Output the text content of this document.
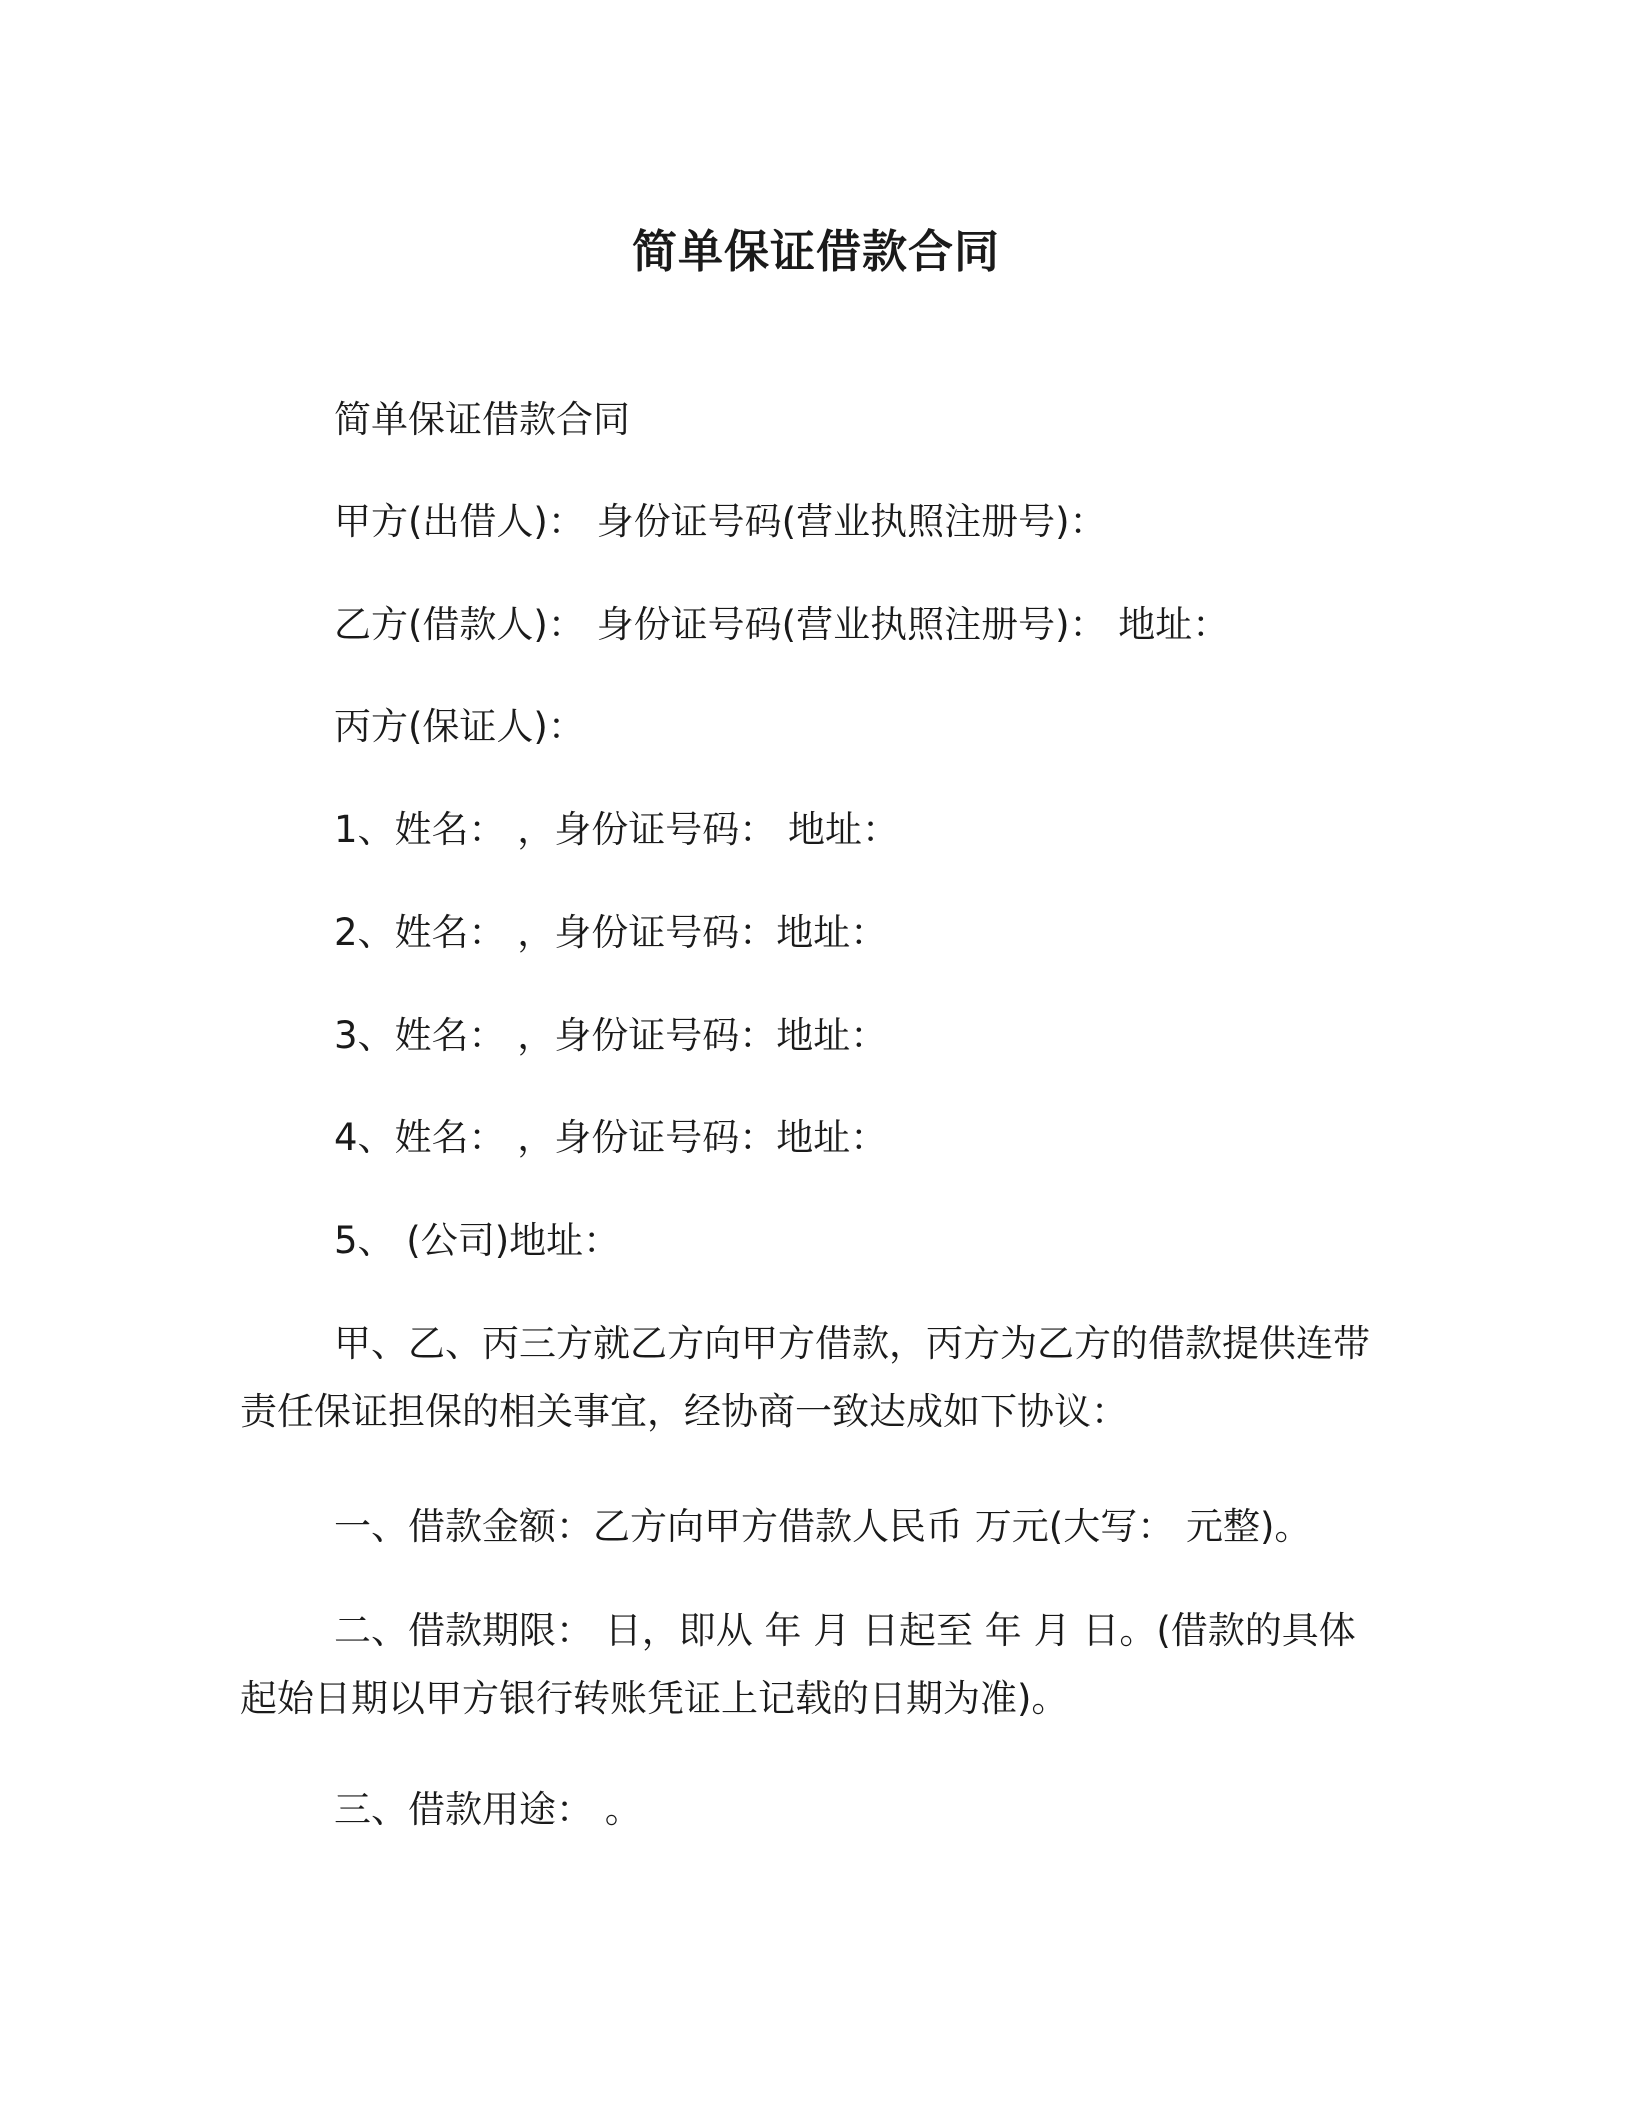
简单保证借款合同
简单保证借款合同
甲方(出借人)： 身份证号码(营业执照注册号)：
乙方(借款人)： 身份证号码(营业执照注册号)： 地址：
丙方(保证人)：
1、姓名： ，身份证号码： 地址：
2、姓名： ，身份证号码：地址：
3、姓名： ，身份证号码：地址：
4、姓名： ，身份证号码：地址：
5、 (公司)地址：
甲、乙、丙三方就乙方向甲方借款，丙方为乙方的借款提供连带责任保证担保的相关事宜，经协商一致达成如下协议：
一、借款金额：乙方向甲方借款人民币 万元(大写： 元整)。
二、借款期限： 日，即从 年 月 日起至 年 月 日。(借款的具体起始日期以甲方银行转账凭证上记载的日期为准)。
三、借款用途： 。
